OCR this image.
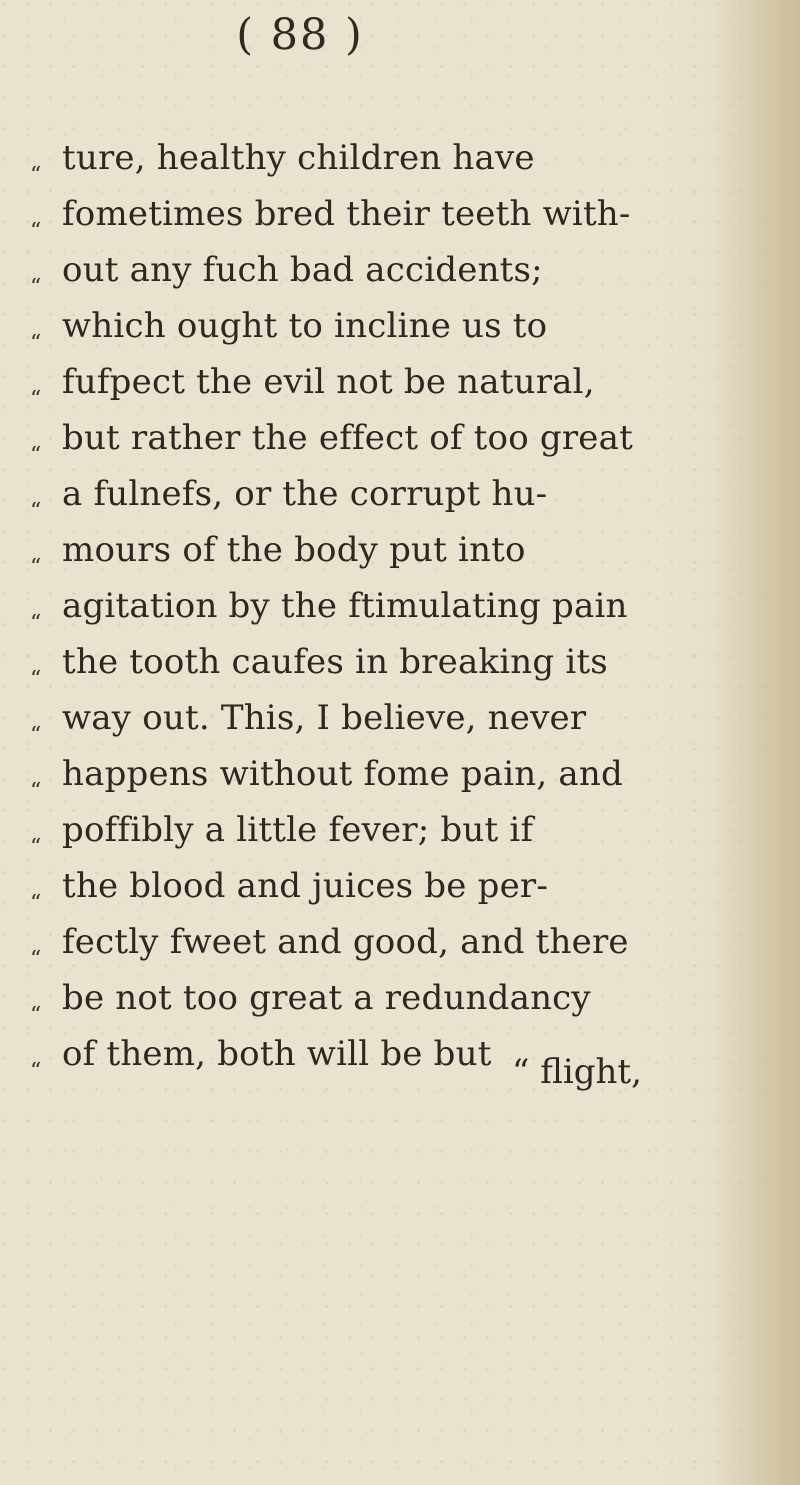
( 88 )
“
“
“
“
“
“
“
“
“
“
“
“
“
“
“
“
“
ture, healthy children have
fometimes bred their teeth with-
out any fuch bad accidents;
which ought to incline us to
fufpect the evil not be natural,
but rather the effect of too great
a fulnefs, or the corrupt hu-
mours of the body put into
agitation by the ftimulating pain
the tooth caufes in breaking its
way out. This, I believe, never
happens without fome pain, and
poffibly a little fever; but if
the blood and juices be per-
fectly fweet and good, and there
be not too great a redundancy
of them, both will be but “ flight,
